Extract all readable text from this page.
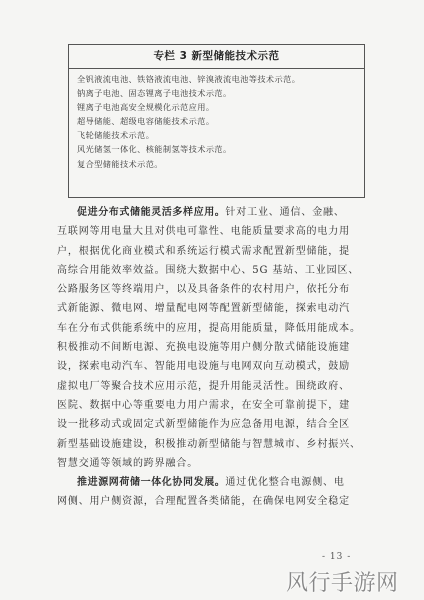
专栏 3 新型储能技术示范
全钒液流电池、铁铬液流电池、锌溴液流电池等技术示范。
钠离子电池、固态锂离子电池技术示范。
锂离子电池高安全规模化示范应用。
超导储能、超级电容储能技术示范。
飞轮储能技术示范。
风光储氢一体化、核能制氢等技术示范。
复合型储能技术示范。
促进分布式储能灵活多样应用。针对工业、通信、金融、
互联网等用电量大且对供电可靠性、电能质量要求高的电力用
户，根据优化商业模式和系统运行模式需求配置新型储能，提
高综合用能效率效益。围绕大数据中心、5G 基站、工业园区、
公路服务区等终端用户，以及具备条件的农村用户，依托分布
式新能源、微电网、增量配电网等配置新型储能，探索电动汽
车在分布式供能系统中的应用，提高用能质量，降低用能成本。
积极推动不间断电源、充换电设施等用户侧分散式储能设施建
设，探索电动汽车、智能用电设施与电网双向互动模式，鼓励
虚拟电厂等聚合技术应用示范，提升用能灵活性。围绕政府、
医院、数据中心等重要电力用户需求，在安全可靠前提下，建
设一批移动式或固定式新型储能作为应急备用电源，结合全区
新型基础设施建设，积极推动新型储能与智慧城市、乡村振兴、
智慧交通等领域的跨界融合。
推进源网荷储一体化协同发展。通过优化整合电源侧、电
网侧、用户侧资源，合理配置各类储能，在确保电网安全稳定
- 13 -
风行手游网
